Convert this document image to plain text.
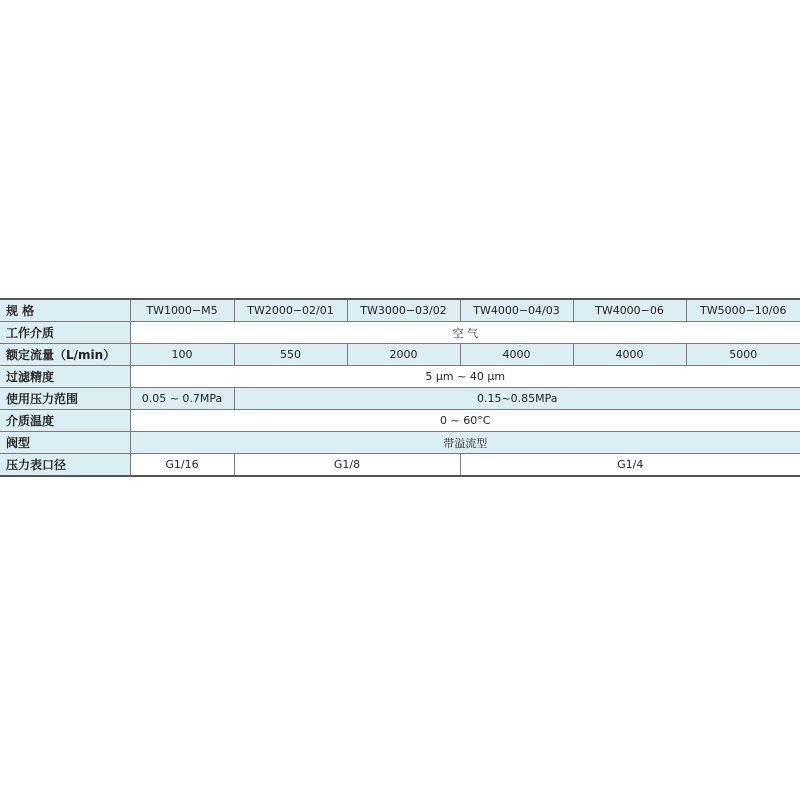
规 格	TW1000−M5	TW2000−02/01	TW3000−03/02	TW4000−04/03	TW4000−06	TW5000−10/06
工作介质	空 气					
额定流量（L/min）	100	550	2000	4000	4000	5000
过滤精度	5 μm ~ 40 μm					
使用压力范围	0.05 ~ 0.7MPa	0.15~0.85MPa				
介质温度	0 ~ 60°C					
阀型	带溢流型					
压力表口径	G1/16	G1/8		G1/4		
